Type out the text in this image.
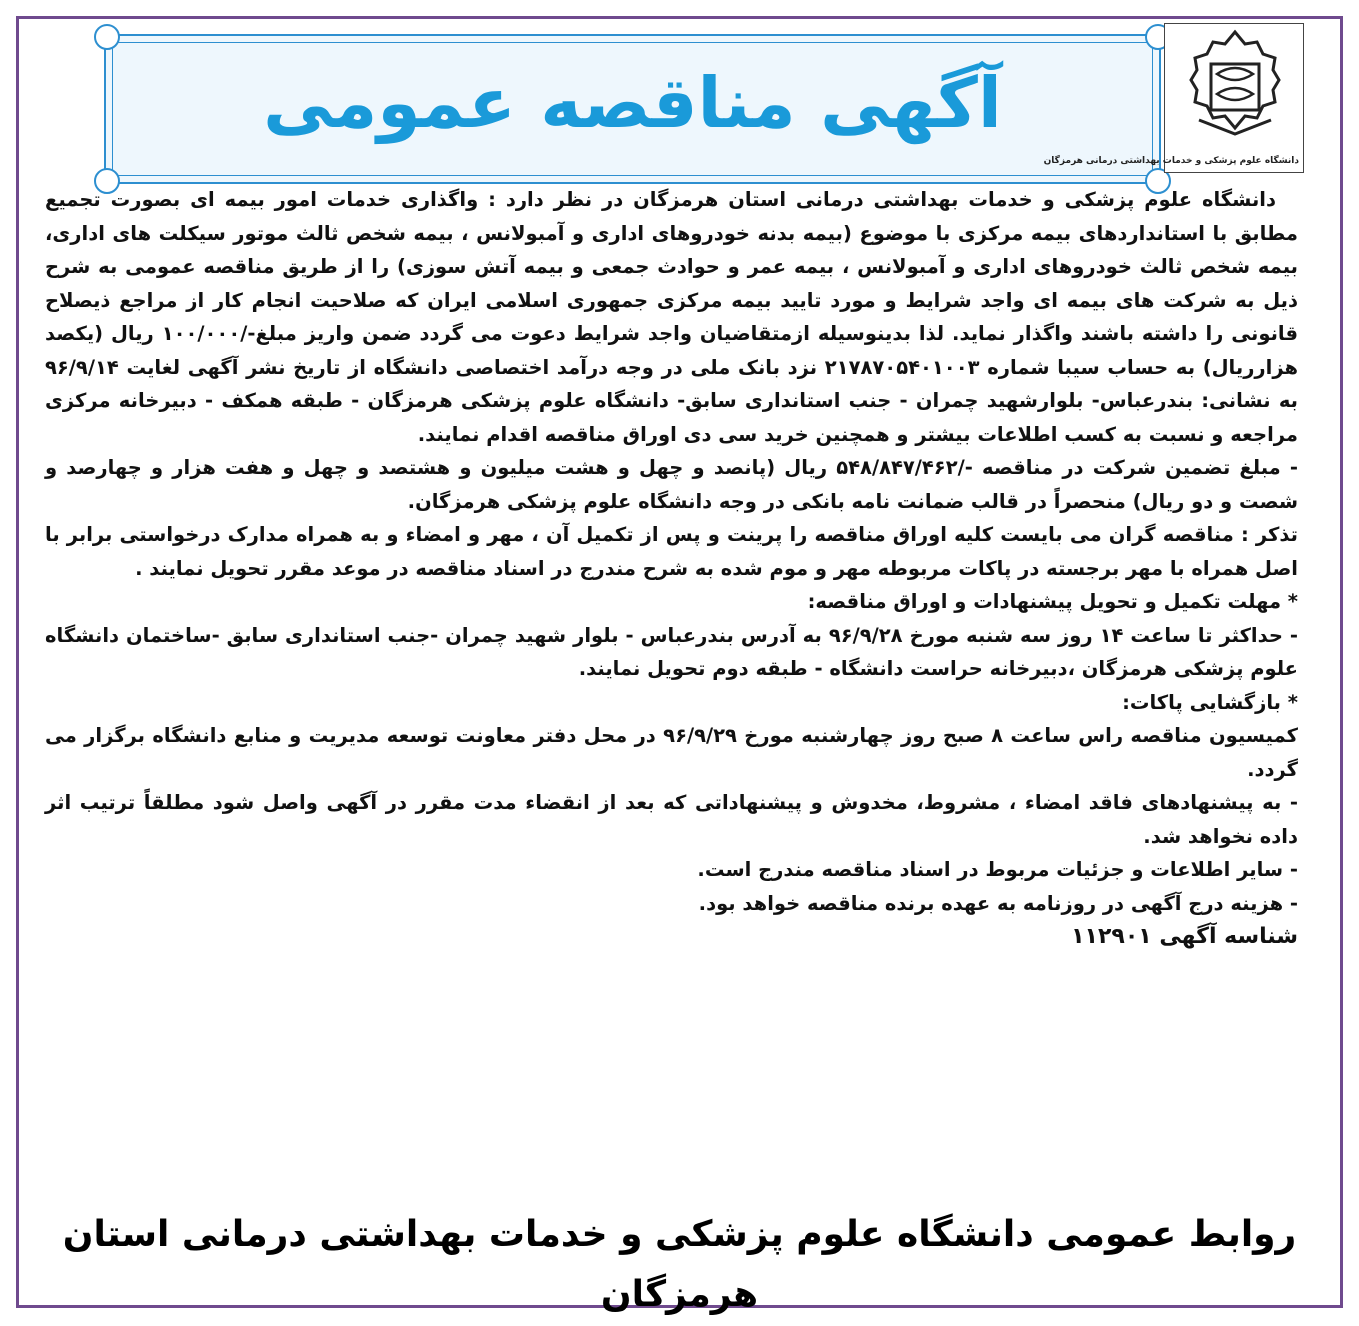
آگهی مناقصه عمومی
دانشگاه علوم پزشکی و خدمات بهداشتی درمانی هرمزگان

دانشگاه علوم پزشکی و خدمات بهداشتی درمانی استان هرمزگان در نظر دارد : واگذاری خدمات امور بیمه ای بصورت تجمیع مطابق با استانداردهای بیمه مرکزی با موضوع (بیمه بدنه خودروهای اداری و آمبولانس ، بیمه شخص ثالث موتور سیکلت های اداری، بیمه شخص ثالث خودروهای اداری و آمبولانس ، بیمه عمر و حوادث جمعی و بیمه آتش سوزی) را از طریق مناقصه عمومی به شرح ذیل به شرکت های بیمه ای واجد شرایط و مورد تایید بیمه مرکزی جمهوری اسلامی ایران که صلاحیت انجام کار از مراجع ذیصلاح قانونی را داشته باشند واگذار نماید. لذا بدینوسیله ازمتقاضیان واجد شرایط دعوت می گردد ضمن واریز مبلغ-/۱۰۰/۰۰۰ ریال (یکصد هزارریال) به حساب سیبا شماره ۲۱۷۸۷۰۵۴۰۱۰۰۳ نزد بانک ملی در وجه درآمد اختصاصی دانشگاه از تاریخ نشر آگهی لغایت ۹۶/۹/۱۴ به نشانی: بندرعباس- بلوارشهید چمران - جنب استانداری سابق- دانشگاه علوم پزشکی هرمزگان - طبقه همکف - دبیرخانه مرکزی مراجعه و نسبت به کسب اطلاعات بیشتر و همچنین خرید سی دی اوراق مناقصه اقدام نمایند.

- مبلغ تضمین شرکت در مناقصه -/۵۴۸/۸۴۷/۴۶۲ ریال (پانصد و چهل و هشت میلیون و هشتصد و چهل و هفت هزار و چهارصد و شصت و دو ریال) منحصراً در قالب ضمانت نامه بانکی در وجه دانشگاه علوم پزشکی هرمزگان.

تذکر : مناقصه گران می بایست کلیه اوراق مناقصه را پرینت و پس از تکمیل آن ، مهر و امضاء و به همراه مدارک درخواستی برابر با اصل همراه با مهر برجسته در پاکات مربوطه مهر و موم شده به شرح مندرج در اسناد مناقصه در موعد مقرر تحویل نمایند .

* مهلت تکمیل و تحویل پیشنهادات و اوراق مناقصه:

- حداکثر تا ساعت ۱۴ روز سه شنبه مورخ ۹۶/۹/۲۸ به آدرس بندرعباس - بلوار شهید چمران -جنب استانداری سابق -ساختمان دانشگاه علوم پزشکی هرمزگان ،دبیرخانه حراست دانشگاه - طبقه دوم تحویل نمایند.

* بازگشایی پاکات:

کمیسیون مناقصه راس ساعت ۸ صبح روز چهارشنبه مورخ ۹۶/۹/۲۹ در محل دفتر معاونت توسعه مدیریت و منابع دانشگاه برگزار می گردد.

- به پیشنهادهای فاقد امضاء ، مشروط، مخدوش و پیشنهاداتی که بعد از انقضاء مدت مقرر در آگهی واصل شود مطلقاً ترتیب اثر داده نخواهد شد.

- سایر اطلاعات و جزئیات مربوط در اسناد مناقصه مندرج است.

- هزینه درج آگهی در روزنامه به عهده برنده مناقصه خواهد بود.

شناسه آگهی ۱۱۲۹۰۱

روابط عمومی دانشگاه علوم پزشکی و خدمات بهداشتی درمانی استان هرمزگان
